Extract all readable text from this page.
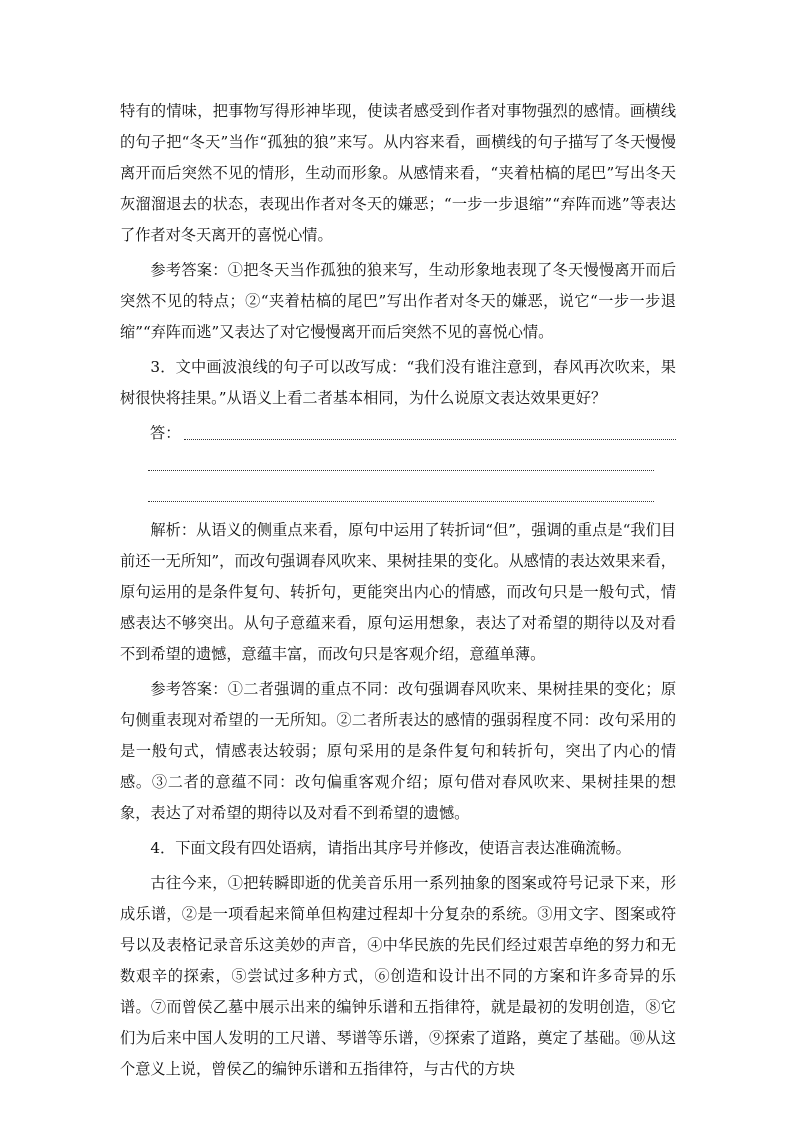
特有的情味，把事物写得形神毕现，使读者感受到作者对事物强烈的感情。画横线的句子把“冬天”当作“孤独的狼”来写。从内容来看，画横线的句子描写了冬天慢慢离开而后突然不见的情形，生动而形象。从感情来看，“夹着枯槁的尾巴”写出冬天灰溜溜退去的状态，表现出作者对冬天的嫌恶；“一步一步退缩”“弃阵而逃”等表达了作者对冬天离开的喜悦心情。

参考答案：①把冬天当作孤独的狼来写，生动形象地表现了冬天慢慢离开而后突然不见的特点；②“夹着枯槁的尾巴”写出作者对冬天的嫌恶，说它“一步一步退缩”“弃阵而逃”又表达了对它慢慢离开而后突然不见的喜悦心情。

3．文中画波浪线的句子可以改写成：“我们没有谁注意到，春风再次吹来，果树很快将挂果。”从语义上看二者基本相同，为什么说原文表达效果更好？

答：

解析：从语义的侧重点来看，原句中运用了转折词“但”，强调的重点是“我们目前还一无所知”，而改句强调春风吹来、果树挂果的变化。从感情的表达效果来看，原句运用的是条件复句、转折句，更能突出内心的情感，而改句只是一般句式，情感表达不够突出。从句子意蕴来看，原句运用想象，表达了对希望的期待以及对看不到希望的遗憾，意蕴丰富，而改句只是客观介绍，意蕴单薄。

参考答案：①二者强调的重点不同：改句强调春风吹来、果树挂果的变化；原句侧重表现对希望的一无所知。②二者所表达的感情的强弱程度不同：改句采用的是一般句式，情感表达较弱；原句采用的是条件复句和转折句，突出了内心的情感。③二者的意蕴不同：改句偏重客观介绍；原句借对春风吹来、果树挂果的想象，表达了对希望的期待以及对看不到希望的遗憾。

4．下面文段有四处语病，请指出其序号并修改，使语言表达准确流畅。

古往今来，①把转瞬即逝的优美音乐用一系列抽象的图案或符号记录下来，形成乐谱，②是一项看起来简单但构建过程却十分复杂的系统。③用文字、图案或符号以及表格记录音乐这美妙的声音，④中华民族的先民们经过艰苦卓绝的努力和无数艰辛的探索，⑤尝试过多种方式，⑥创造和设计出不同的方案和许多奇异的乐谱。⑦而曾侯乙墓中展示出来的编钟乐谱和五指律符，就是最初的发明创造，⑧它们为后来中国人发明的工尺谱、琴谱等乐谱，⑨探索了道路，奠定了基础。⑩从这个意义上说，曾侯乙的编钟乐谱和五指律符，与古代的方块
